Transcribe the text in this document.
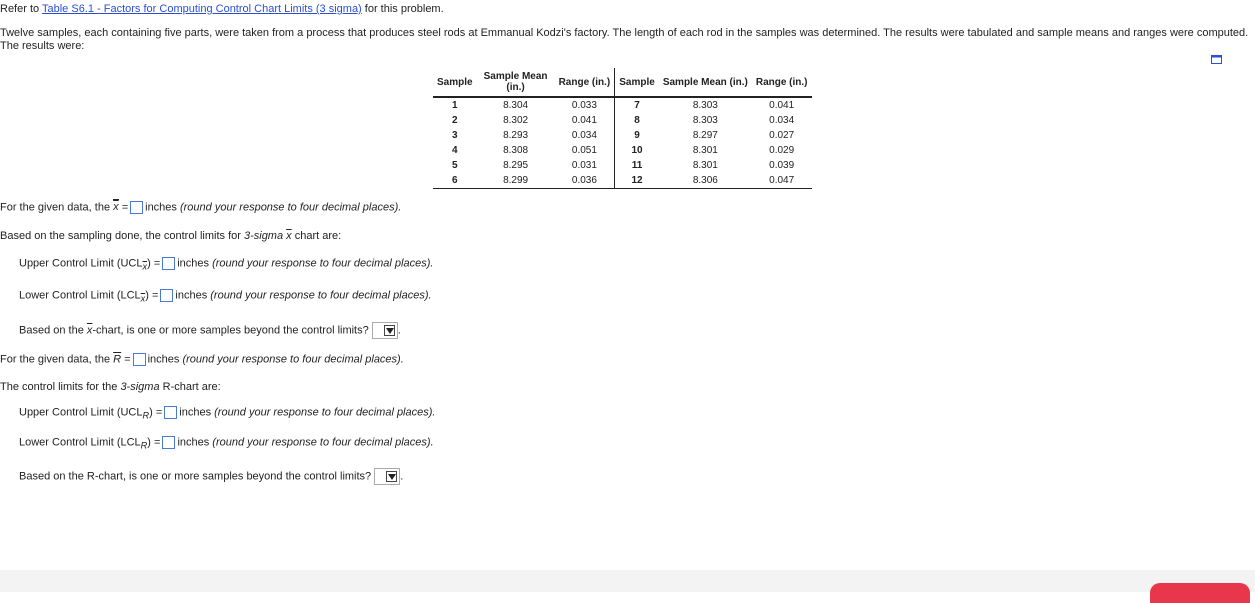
Refer to Table S6.1 - Factors for Computing Control Chart Limits (3 sigma) for this problem.
Twelve samples, each containing five parts, were taken from a process that produces steel rods at Emmanual Kodzi's factory. The length of each rod in the samples was determined. The results were tabulated and sample means and ranges were computed. The results were:
Sample	Sample Mean (in.)	Range (in.)	Sample	Sample Mean (in.)	Range (in.)
1	8.304	0.033	7	8.303	0.041
2	8.302	0.041	8	8.303	0.034
3	8.293	0.034	9	8.297	0.027
4	8.308	0.051	10	8.301	0.029
5	8.295	0.031	11	8.301	0.039
6	8.299	0.036	12	8.306	0.047
For the given data, the $\overline{x}$ = inches (round your response to four decimal places).
Based on the sampling done, the control limits for 3-sigma $\overline{x}$ chart are:
Upper Control Limit $(UCL_{\overline{x}})$ = inches (round your response to four decimal places).
Lower Control Limit $(LCL_{\overline{x}})$ = inches (round your response to four decimal places).
Based on the $\overline{x}$-chart, is one or more samples beyond the control limits?	.
For the given data, the $\overline{R}$ = inches (round your response to four decimal places).
The control limits for the 3-sigma R-chart are:
Upper Control Limit $(UCL_R)$ = inches (round your response to four decimal places).
Lower Control Limit $(LCL_R)$ = inches (round your response to four decimal places).
Based on the R-chart, is one or more samples beyond the control limits?	.
